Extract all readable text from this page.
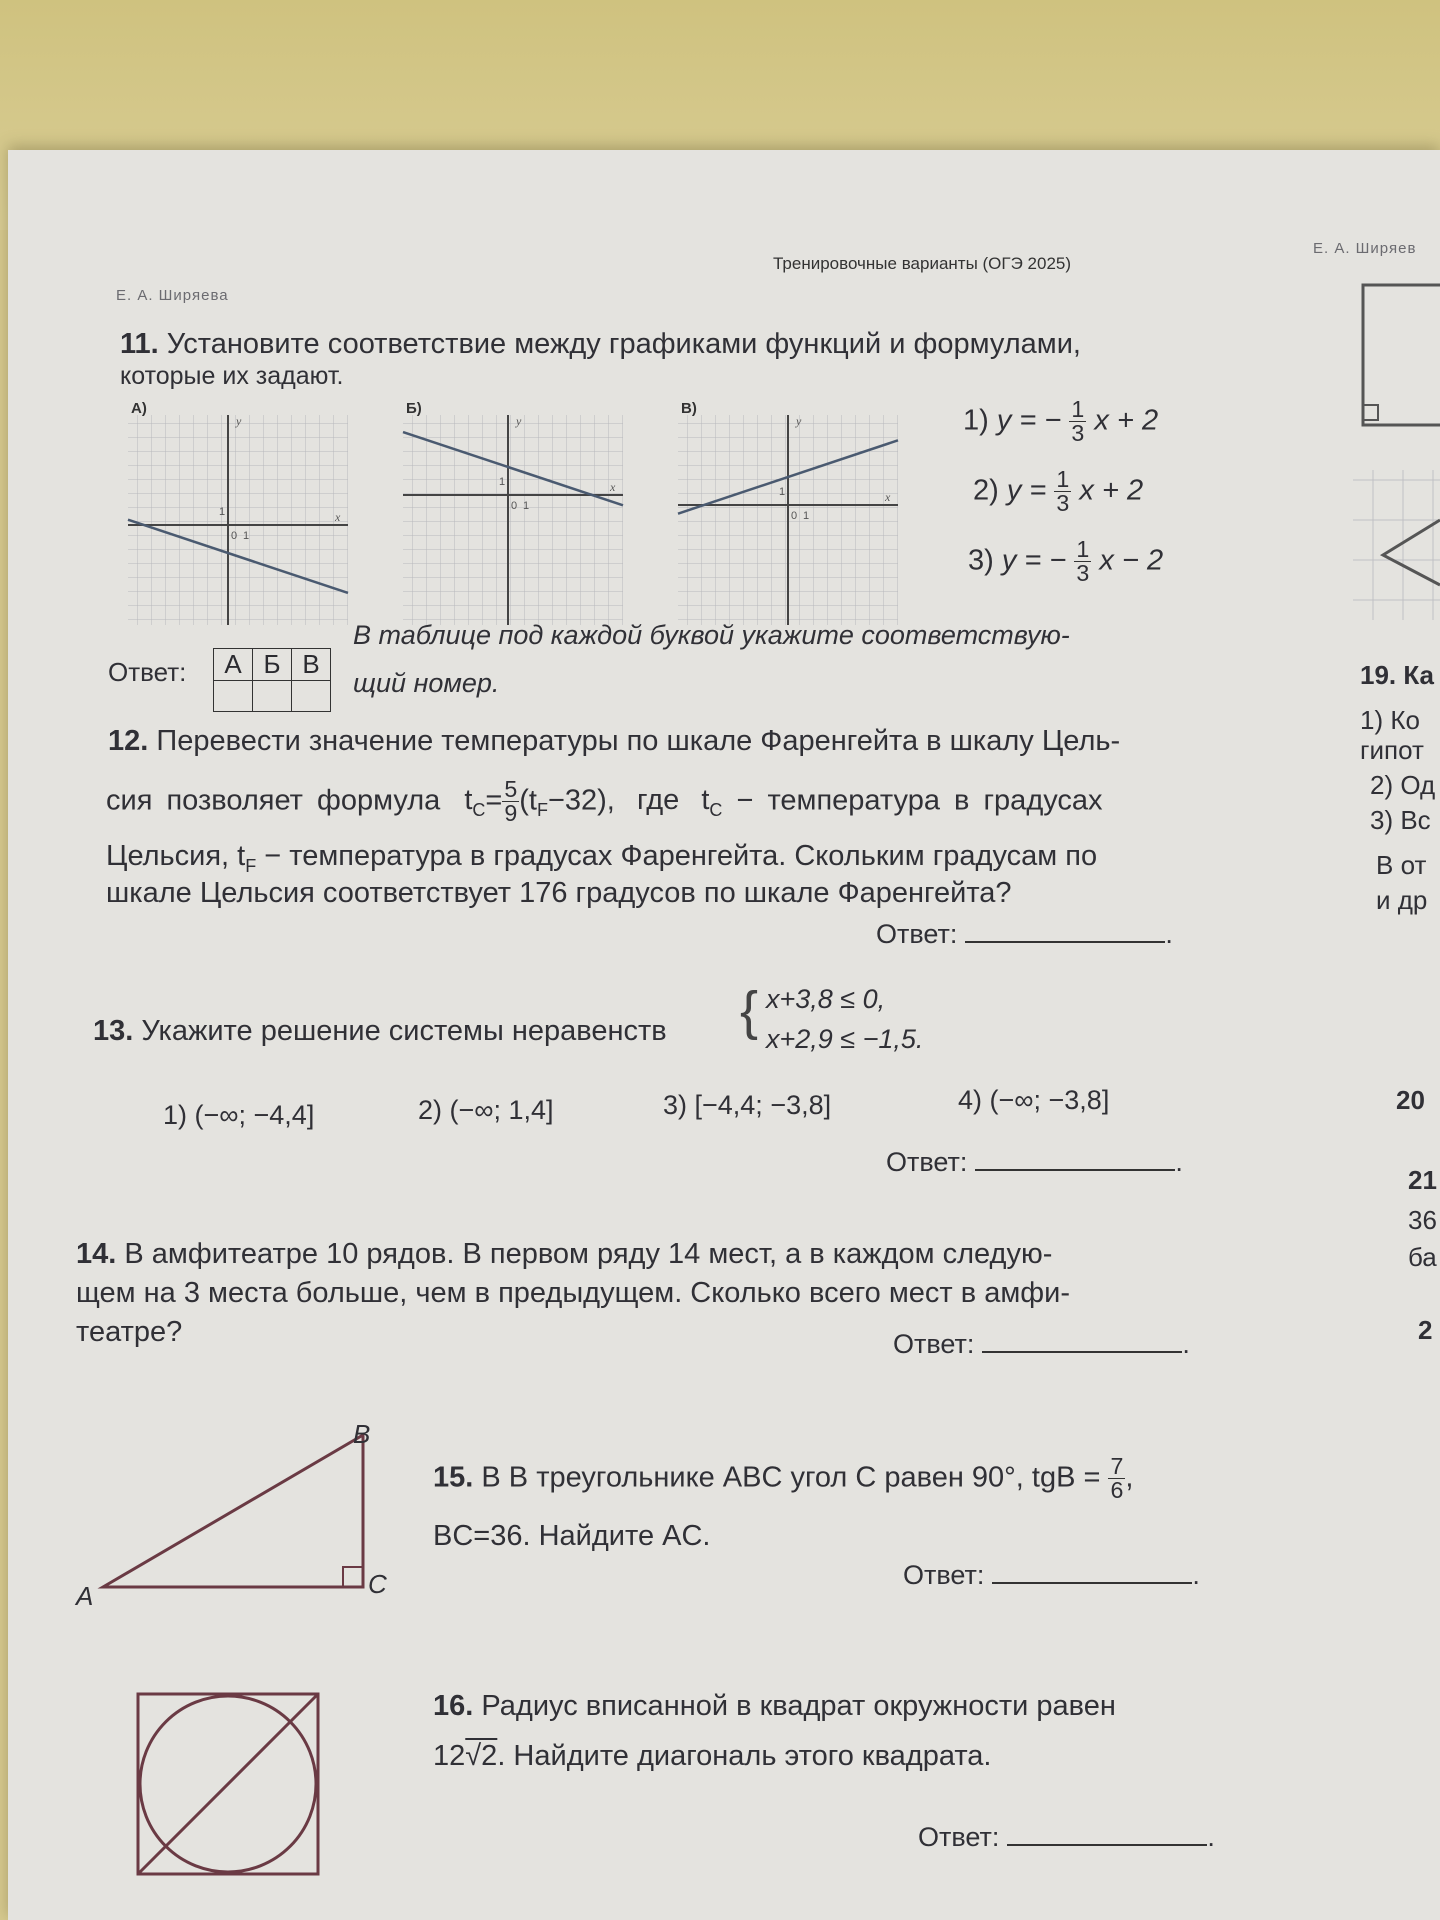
Е. А. Ширяева
Тренировочные варианты (ОГЭ 2025)
Е. А. Ширяев
11. Установите соответствие между графиками функций и формулами,
которые их задают.
А)
y
x
0 1
1
Б)
y
x
0 1
1
В)
y
x
0 1
1
1) y = − $\frac{1}{3}$ x + 2
2) $y = \frac{1}{3}$ x + 2
3) y = − $\frac{1}{3}$ x − 2
Ответ: А	Б	В

В таблице под каждой буквой укажите соответствую-
щий номер.
12. Перевести значение температуры по шкале Фаренгейта в шкалу Цель-
сия позволяет формула $t_C= \frac{5}{9} (t_F-32)$, где $t_C$ − температура в градусах
Цельсия, $t_F$ − температура в градусах Фаренгейта. Скольким градусам по
шкале Цельсия соответствует 176 градусов по шкале Фаренгейта?
Ответ:	.
13. Укажите решение системы неравенств { x+3,8 ≤ 0,
x+2,9 ≤ −1,5.
1) (−∞; −4,4]	2) (−∞; 1,4]	3) [−4,4; −3,8]	4) (−∞; −3,8]
Ответ:	.
14. В амфитеатре 10 рядов. В первом ряду 14 мест, а в каждом следую-
щем на 3 места больше, чем в предыдущем. Сколько всего мест в амфи-
театре?	Ответ:	.
A
B
C
15. В В треугольнике ABC угол C равен 90°, tgB = $\frac{7}{6}$ ,
BC=36. Найдите AC.
Ответ:	.
16. Радиус вписанной в квадрат окружности равен
12√2. Найдите диагональ этого квадрата.
Ответ:	.
19. Ка
1) Ко
гипот
2) Од
3) Вс
В от
и др
20
21
36
ба
2
